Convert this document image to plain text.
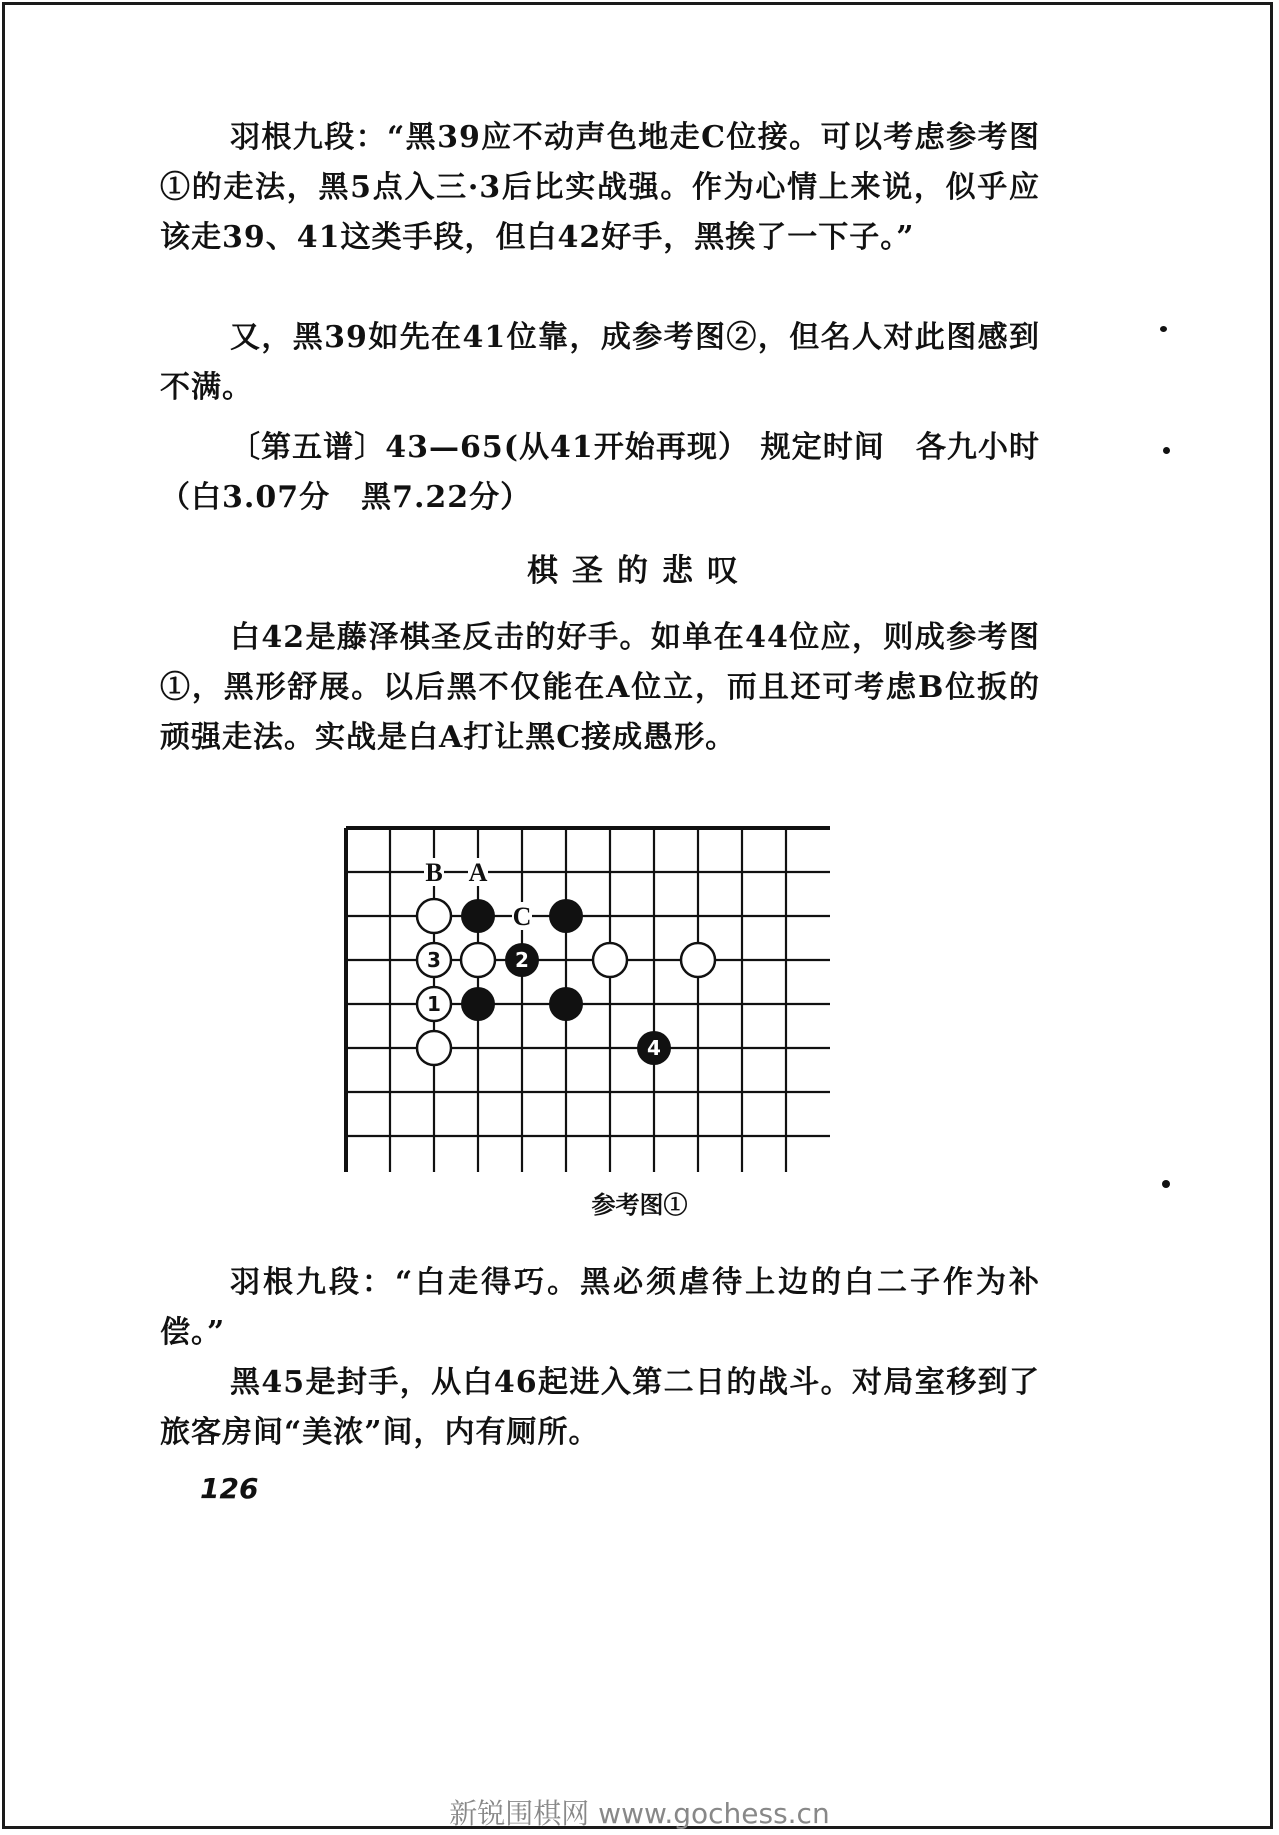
羽根九段：“黑39应不动声色地走C位接。可以考虑参考图①的走法，黑5点入三·3后比实战强。作为心情上来说，似乎应该走39、41这类手段，但白42好手，黑挨了一下子。”
又，黑39如先在41位靠，成参考图②，但名人对此图感到不满。
〔第五谱〕43—65(从41开始再现） 规定时间　各九小时（白3.07分　黑7.22分）
棋圣的悲叹
白42是藤泽棋圣反击的好手。如单在44位应，则成参考图①，黑形舒展。以后黑不仅能在A位立，而且还可考虑B位扳的顽强走法。实战是白A打让黑C接成愚形。
B A
C
3
1
2
4
参考图①
羽根九段：“白走得巧。黑必须虐待上边的白二子作为补偿。”
黑45是封手，从白46起进入第二日的战斗。对局室移到了旅客房间“美浓”间，内有厕所。
126
新锐围棋网 www.gochess.cn
